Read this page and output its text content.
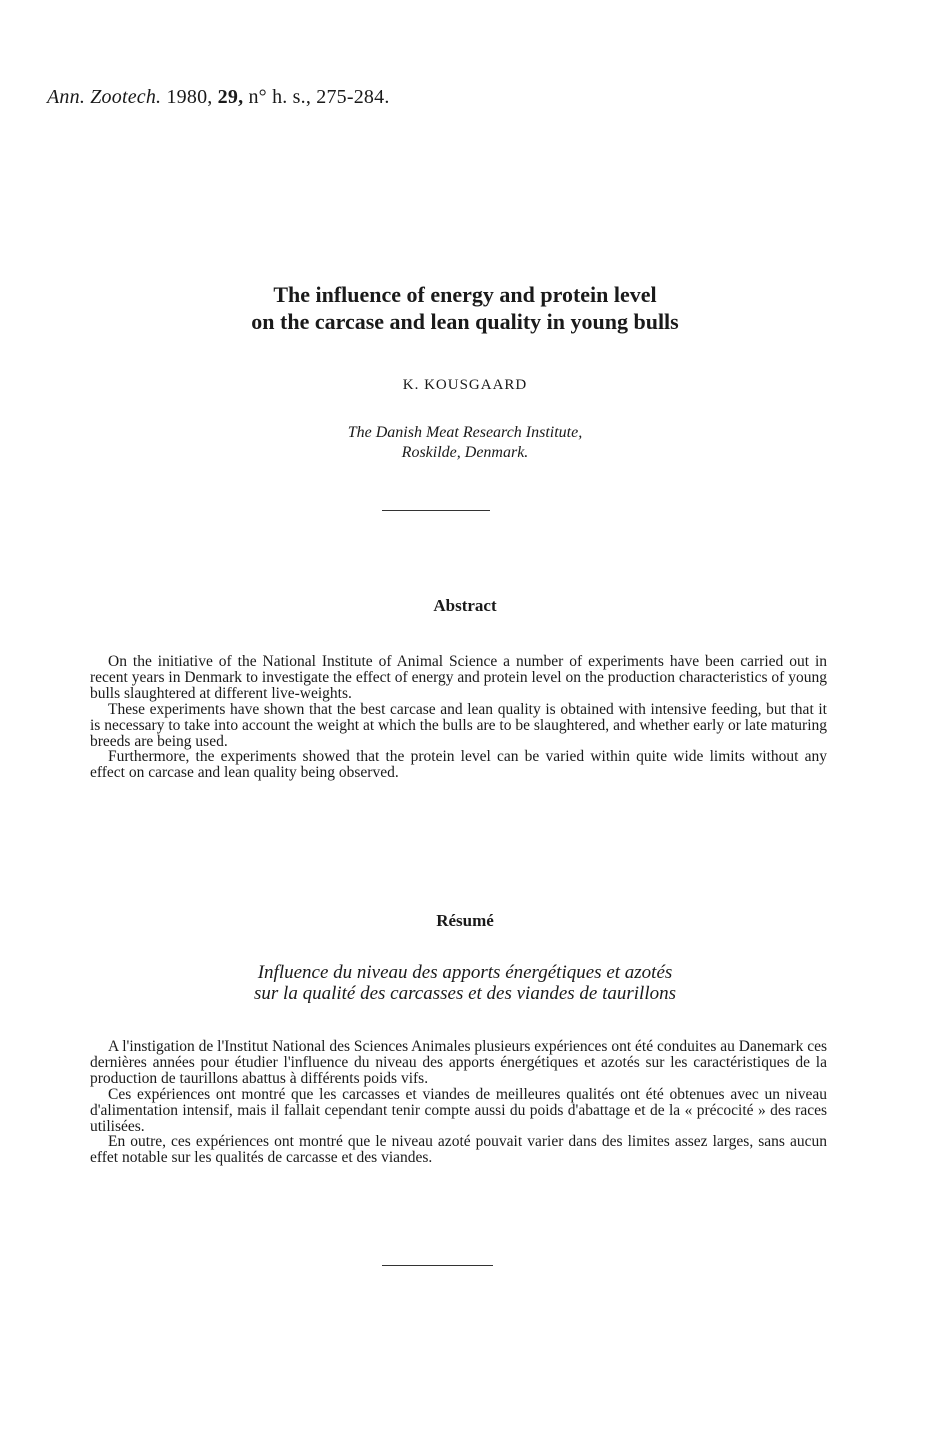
Ann. Zootech. 1980, 29, n° h. s., 275-284.
The influence of energy and protein level
on the carcase and lean quality in young bulls
K. KOUSGAARD
The Danish Meat Research Institute,
Roskilde, Denmark.
Abstract

On the initiative of the National Institute of Animal Science a number of experiments have been carried out in recent years in Denmark to investigate the effect of energy and protein level on the production characteristics of young bulls slaughtered at different live-weights.

These experiments have shown that the best carcase and lean quality is obtained with intensive feeding, but that it is necessary to take into account the weight at which the bulls are to be slaughtered, and whether early or late maturing breeds are being used.

Furthermore, the experiments showed that the protein level can be varied within quite wide limits without any effect on carcase and lean quality being observed.

Résumé
Influence du niveau des apports énergétiques et azotés
sur la qualité des carcasses et des viandes de taurillons

A l'instigation de l'Institut National des Sciences Animales plusieurs expériences ont été conduites au Danemark ces dernières années pour étudier l'influence du niveau des apports énergétiques et azotés sur les caractéristiques de la production de taurillons abattus à différents poids vifs.

Ces expériences ont montré que les carcasses et viandes de meilleures qualités ont été obtenues avec un niveau d'alimentation intensif, mais il fallait cependant tenir compte aussi du poids d'abattage et de la « précocité » des races utilisées.

En outre, ces expériences ont montré que le niveau azoté pouvait varier dans des limites assez larges, sans aucun effet notable sur les qualités de carcasse et des viandes.
